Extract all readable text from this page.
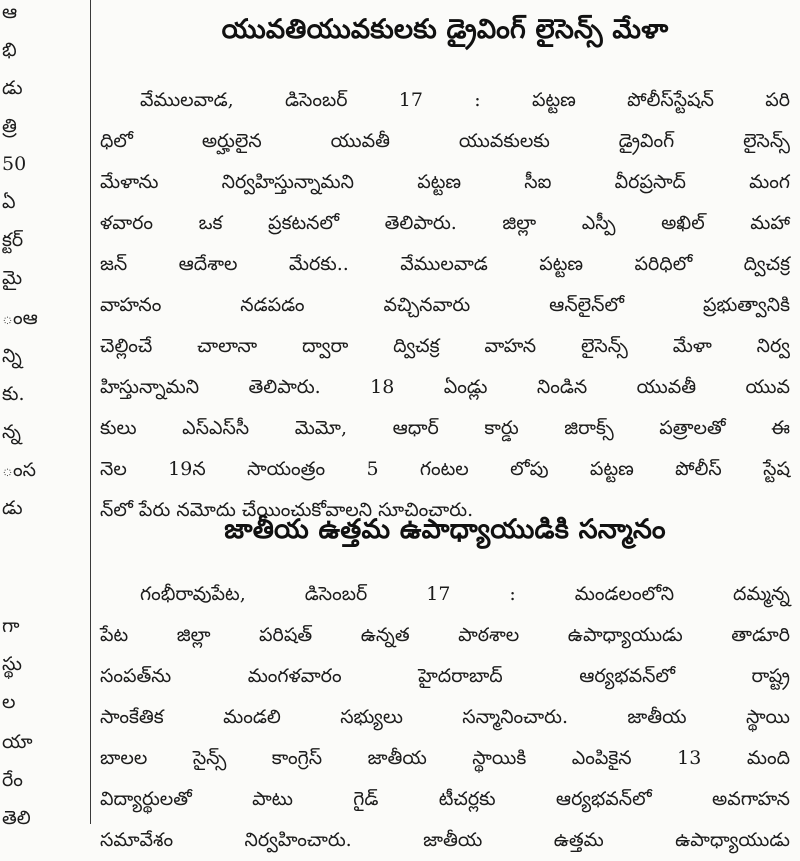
ఆ
భి
డు
త్రి
50
ఏ
క్టర్
మై
ంఆ
న్ని
కు.
న్న
ంస
డు
గా
స్థు
ల
యా
రేం
తెలి
యువతియువకులకు డ్రైవింగ్ లైసెన్స్ మేళా
వేములవాడ, డిసెంబర్ 17 : పట్టణ పోలీస్‌స్టేషన్ పరి
ధిలో అర్హులైన యువతీ యువకులకు డ్రైవింగ్ లైసెన్స్
మేళాను నిర్వహిస్తున్నామని పట్టణ సీఐ వీరప్రసాద్ మంగ
ళవారం ఒక ప్రకటనలో తెలిపారు. జిల్లా ఎస్పీ అఖిల్ మహా
జన్ ఆదేశాల మేరకు.. వేములవాడ పట్టణ పరిధిలో ద్విచక్ర
వాహనం నడపడం వచ్చినవారు ఆన్‌లైన్‌లో ప్రభుత్వానికి
చెల్లించే చాలానా ద్వారా ద్విచక్ర వాహన లైసెన్స్ మేళా నిర్వ
హిస్తున్నామని తెలిపారు. 18 ఏండ్లు నిండిన యువతీ యువ
కులు ఎస్ఎస్‌సీ మెమో, ఆధార్ కార్డు జిరాక్స్ పత్రాలతో ఈ
నెల 19న సాయంత్రం 5 గంటల లోపు పట్టణ పోలీస్ స్టేష
న్‌లో పేరు నమోదు చేయించుకోవాలని సూచించారు.
జాతీయ ఉత్తమ ఉపాధ్యాయుడికి సన్మానం
గంభీరావుపేట, డిసెంబర్ 17 : మండలంలోని దమ్మన్న
పేట జిల్లా పరిషత్ ఉన్నత పాఠశాల ఉపాధ్యాయుడు తాడూరి
సంపత్‌ను మంగళవారం హైదరాబాద్ ఆర్యభవన్‌లో రాష్ట్ర
సాంకేతిక మండలి సభ్యులు సన్మానించారు. జాతీయ స్థాయి
బాలల సైన్స్ కాంగ్రెస్ జాతీయ స్థాయికి ఎంపికైన 13 మంది
విద్యార్థులతో పాటు గైడ్ టీచర్లకు ఆర్యభవన్‌లో అవగాహన
సమావేశం నిర్వహించారు. జాతీయ ఉత్తమ ఉపాధ్యాయుడు
